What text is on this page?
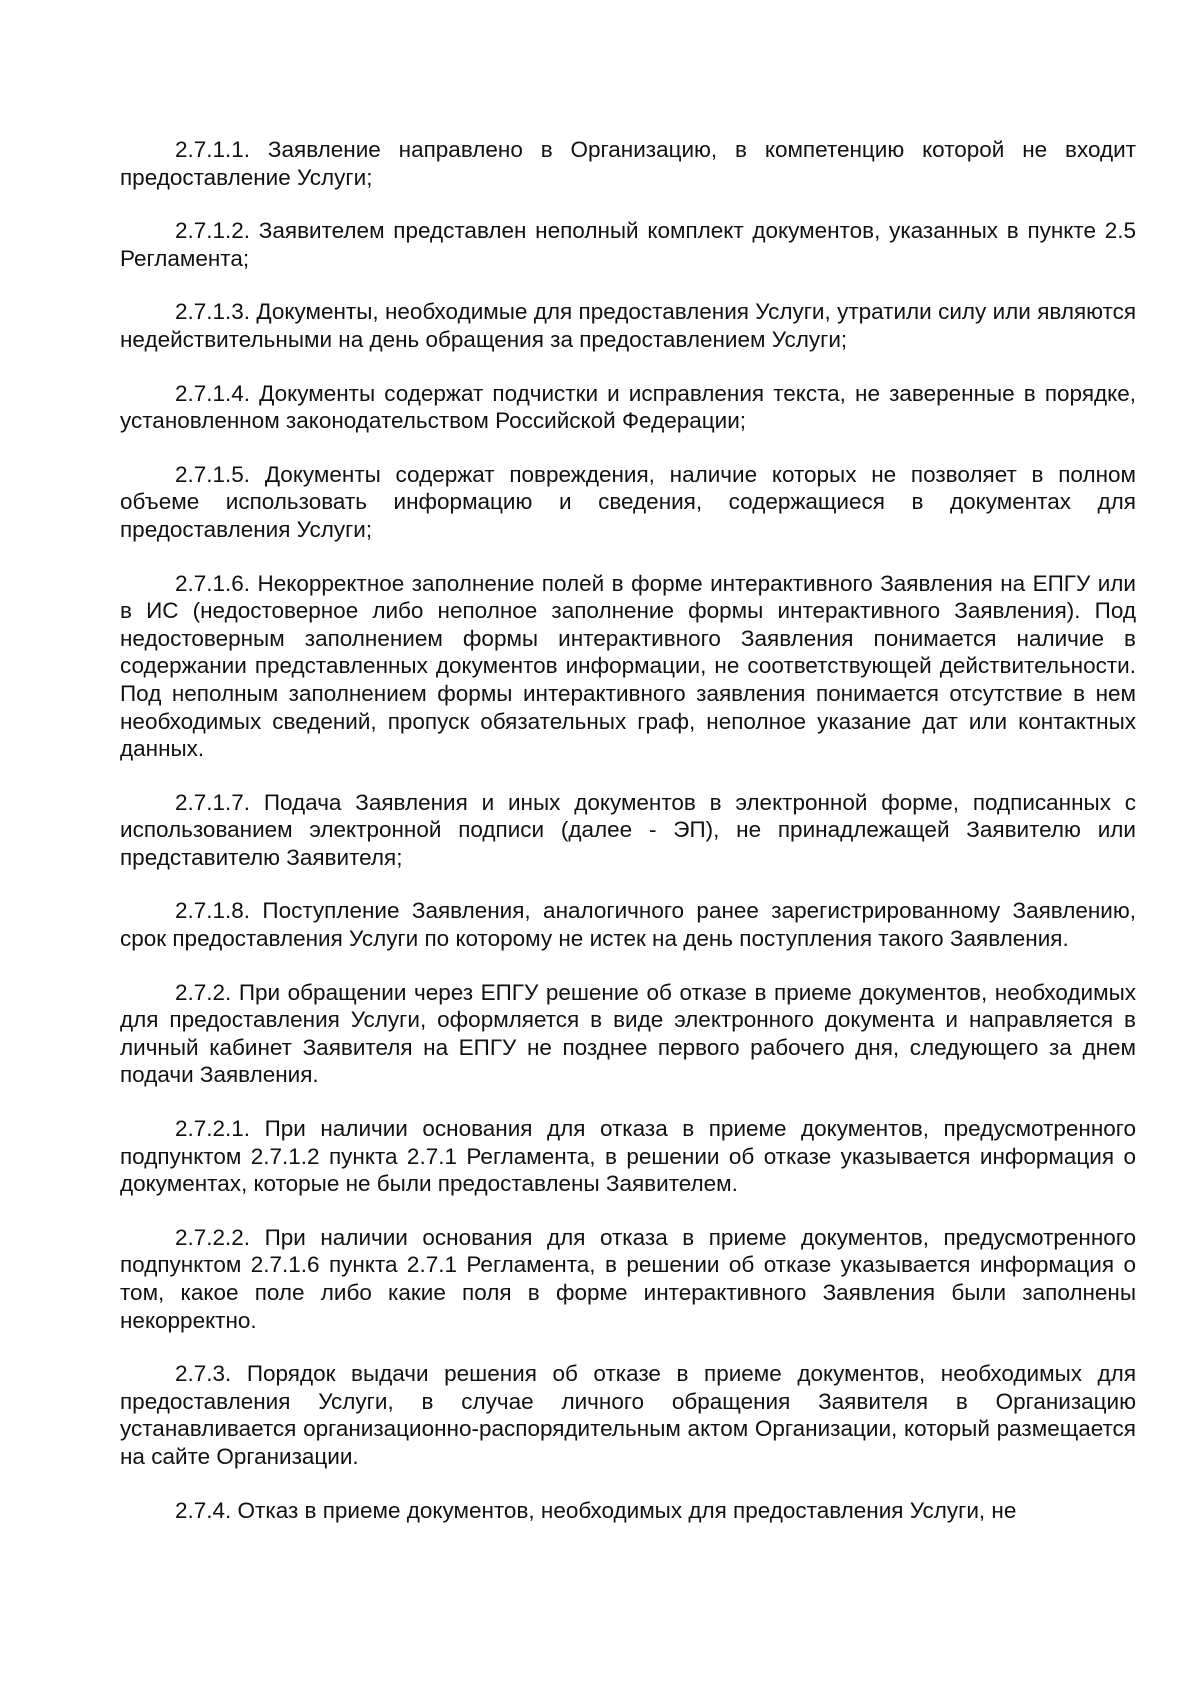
2.7.1.1. Заявление направлено в Организацию, в компетенцию которой не входит предоставление Услуги;

2.7.1.2. Заявителем представлен неполный комплект документов, указанных в пункте 2.5 Регламента;

2.7.1.3. Документы, необходимые для предоставления Услуги, утратили силу или являются недействительными на день обращения за предоставлением Услуги;

2.7.1.4. Документы содержат подчистки и исправления текста, не заверенные в порядке, установленном законодательством Российской Федерации;

2.7.1.5. Документы содержат повреждения, наличие которых не позволяет в полном объеме использовать информацию и сведения, содержащиеся в документах для предоставления Услуги;

2.7.1.6. Некорректное заполнение полей в форме интерактивного Заявления на ЕПГУ или в ИС (недостоверное либо неполное заполнение формы интерактивного Заявления). Под недостоверным заполнением формы интерактивного Заявления понимается наличие в содержании представленных документов информации, не соответствующей действительности. Под неполным заполнением формы интерактивного заявления понимается отсутствие в нем необходимых сведений, пропуск обязательных граф, неполное указание дат или контактных данных.

2.7.1.7. Подача Заявления и иных документов в электронной форме, подписанных с использованием электронной подписи (далее - ЭП), не принадлежащей Заявителю или представителю Заявителя;

2.7.1.8. Поступление Заявления, аналогичного ранее зарегистрированному Заявлению, срок предоставления Услуги по которому не истек на день поступления такого Заявления.

2.7.2. При обращении через ЕПГУ решение об отказе в приеме документов, необходимых для предоставления Услуги, оформляется в виде электронного документа и направляется в личный кабинет Заявителя на ЕПГУ не позднее первого рабочего дня, следующего за днем подачи Заявления.

2.7.2.1. При наличии основания для отказа в приеме документов, предусмотренного подпунктом 2.7.1.2 пункта 2.7.1 Регламента, в решении об отказе указывается информация о документах, которые не были предоставлены Заявителем.

2.7.2.2. При наличии основания для отказа в приеме документов, предусмотренного подпунктом 2.7.1.6 пункта 2.7.1 Регламента, в решении об отказе указывается информация о том, какое поле либо какие поля в форме интерактивного Заявления были заполнены некорректно.

2.7.3. Порядок выдачи решения об отказе в приеме документов, необходимых для предоставления Услуги, в случае личного обращения Заявителя в Организацию устанавливается организационно-распорядительным актом Организации, который размещается на сайте Организации.

2.7.4. Отказ в приеме документов, необходимых для предоставления Услуги, не
